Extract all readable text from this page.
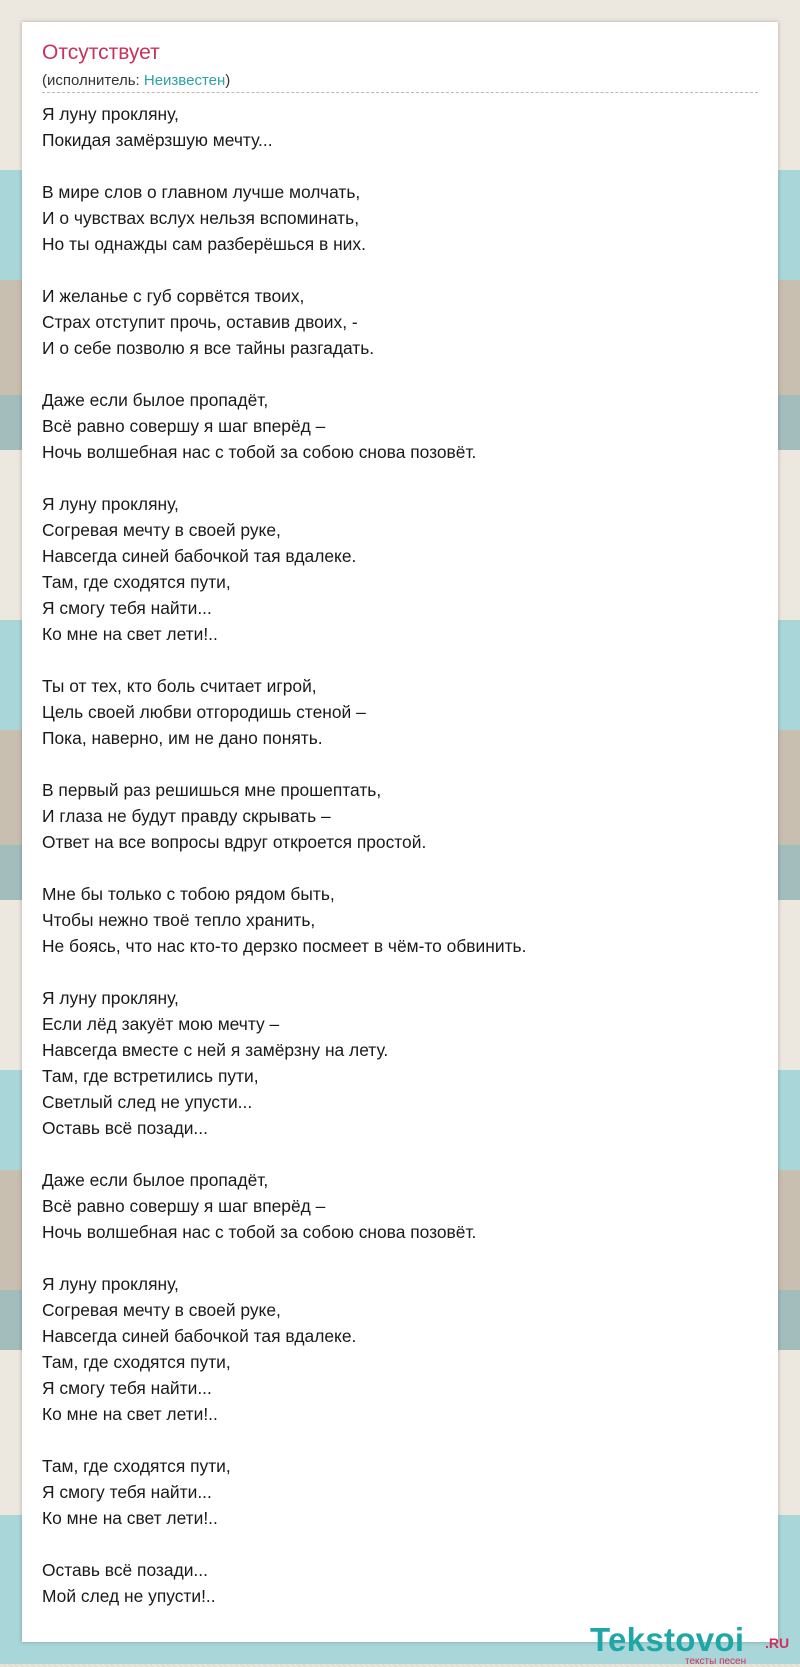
Отсутствует
(исполнитель: Неизвестен)
Я луну прокляну,
Покидая замёрзшую мечту...
В мире слов о главном лучше молчать,
И о чувствах вслух нельзя вспоминать,
Но ты однажды сам разберёшься в них.
И желанье с губ сорвётся твоих,
Страх отступит прочь, оставив двоих, -
И о себе позволю я все тайны разгадать.
Даже если былое пропадёт,
Всё равно совершу я шаг вперёд –
Ночь волшебная нас с тобой за собою снова позовёт.
Я луну прокляну,
Согревая мечту в своей руке,
Навсегда синей бабочкой тая вдалеке.
Там, где сходятся пути,
Я смогу тебя найти...
Ко мне на свет лети!..
Ты от тех, кто боль считает игрой,
Цель своей любви отгородишь стеной –
Пока, наверно, им не дано понять.
В первый раз решишься мне прошептать,
И глаза не будут правду скрывать –
Ответ на все вопросы вдруг откроется простой.
Мне бы только с тобою рядом быть,
Чтобы нежно твоё тепло хранить,
Не боясь, что нас кто-то дерзко посмеет в чём-то обвинить.
Я луну прокляну,
Если лёд закуёт мою мечту –
Навсегда вместе с ней я замёрзну на лету.
Там, где встретились пути,
Светлый след не упусти...
Оставь всё позади...
Даже если былое пропадёт,
Всё равно совершу я шаг вперёд –
Ночь волшебная нас с тобой за собою снова позовёт.
Я луну прокляну,
Согревая мечту в своей руке,
Навсегда синей бабочкой тая вдалеке.
Там, где сходятся пути,
Я смогу тебя найти...
Ко мне на свет лети!..
Там, где сходятся пути,
Я смогу тебя найти...
Ко мне на свет лети!..
Оставь всё позади...
Мой след не упусти!..
Tekstovoi .RU
тексты песен
